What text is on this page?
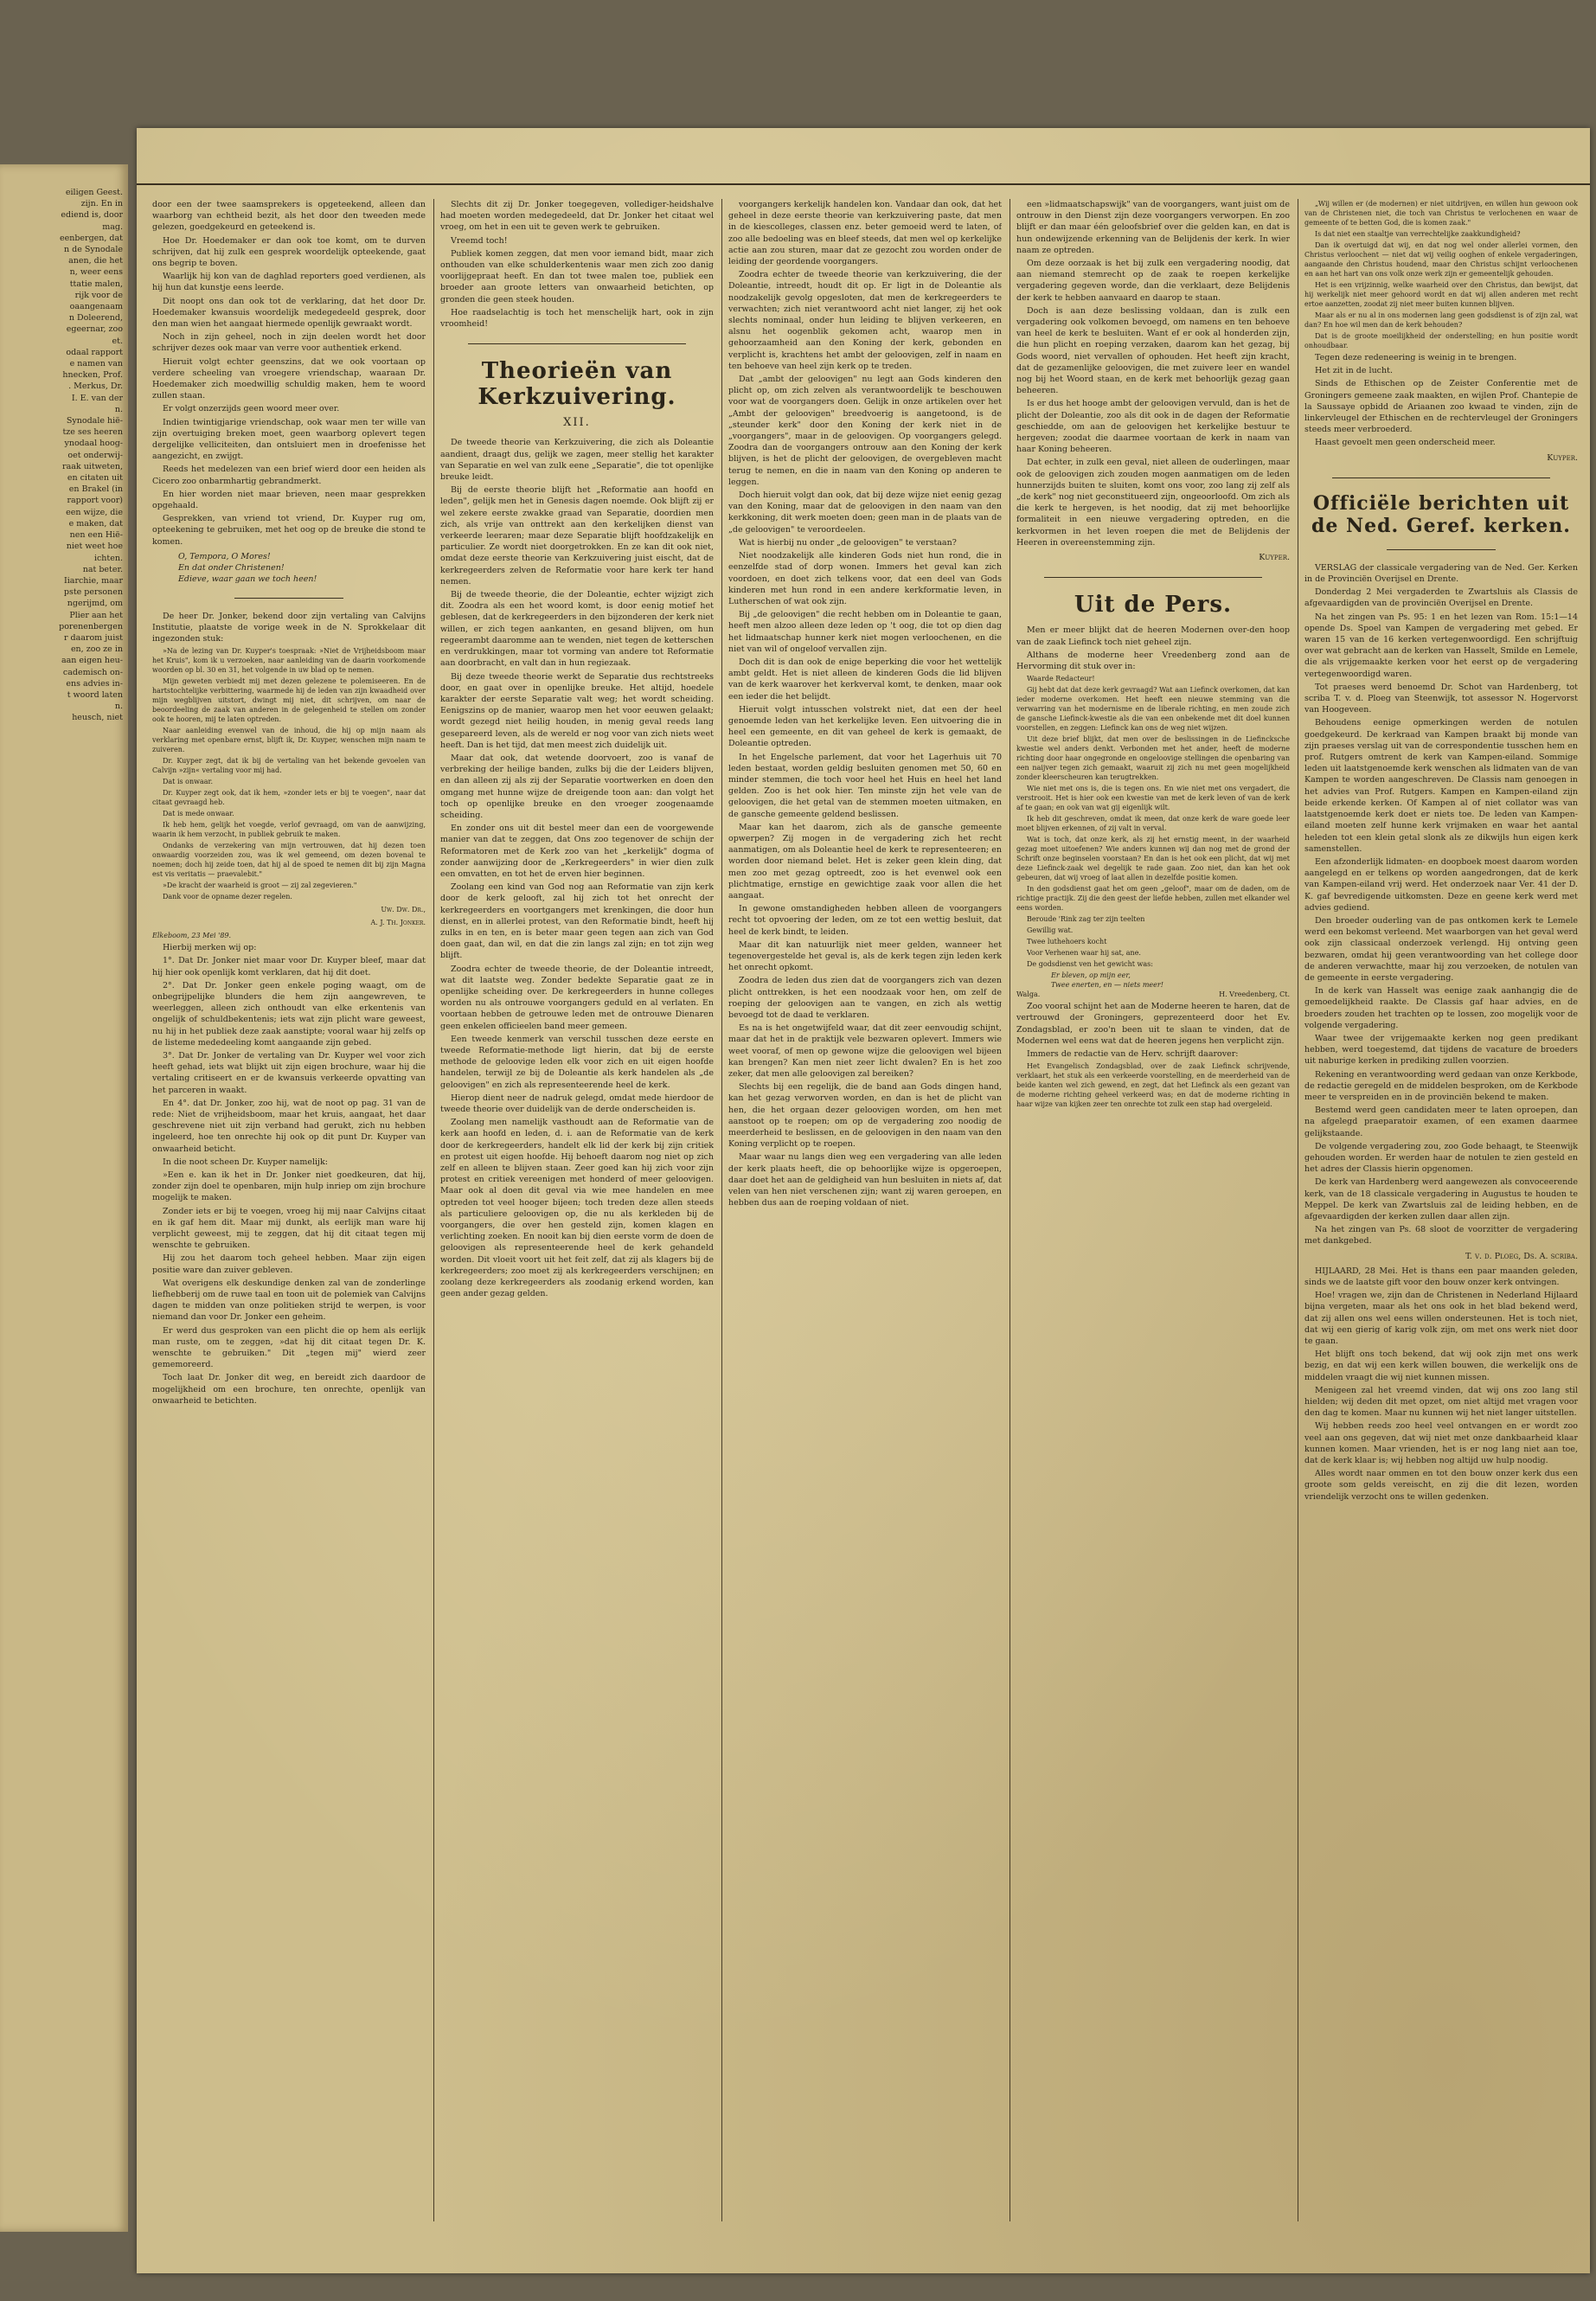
eiligen Geest.
zijn. En in
ediend is, door
mag.
eenbergen, dat
n de Synodale
anen, die het
n, weer eens
ttatie malen,
rijk voor de
oaangenaam
n Doleerend,
egeernar, zoo
et.
odaal rapport
e namen van
hnecken, Prof.
. Merkus, Dr.
I. E. van der
n.
Synodale hië-
tze ses heeren
ynodaal hoog-
oet onderwij-
raak uitweten,
en citaten uit
en Brakel (in
rapport voor)
een wijze, die
e maken, dat
nen een Hië-
niet weet hoe
ichten.
nat beter.
Iiarchie, maar
pste personen
ngerijmd, om
Plier aan het
porenenbergen
r daarom juist
en, zoo ze in
aan eigen heu-
cademisch on-
ens advies in-
t woord laten
n.
heusch, niet

door een der twee saamsprekers is opgeteekend, alleen dan waarborg van echtheid bezit, als het door den tweeden mede gelezen, goedgekeurd en geteekend is.

Hoe Dr. Hoedemaker er dan ook toe komt, om te durven schrijven, dat hij zulk een gesprek woordelijk opteekende, gaat ons begrip te boven.

Waarlijk hij kon van de daghlad reporters goed verdienen, als hij hun dat kunstje eens leerde.

Dit noopt ons dan ook tot de verklaring, dat het door Dr. Hoedemaker kwansuis woordelijk medegedeeld gesprek, door den man wien het aangaat hiermede openlijk gewraakt wordt.

Noch in zijn geheel, noch in zijn deelen wordt het door schrijver dezes ook maar van verre voor authentiek erkend.

Hieruit volgt echter geenszins, dat we ook voortaan op verdere scheeling van vroegere vriendschap, waaraan Dr. Hoedemaker zich moedwillig schuldig maken, hem te woord zullen staan.

Er volgt onzerzijds geen woord meer over.

Indien twintigjarige vriendschap, ook waar men ter wille van zijn overtuiging breken moet, geen waarborg oplevert tegen dergelijke velliciteiten, dan ontsluiert men in droefenisse het aangezicht, en zwijgt.

Reeds het medelezen van een brief wierd door een heiden als Cicero zoo onbarmhartig gebrandmerkt.

En hier worden niet maar brieven, neen maar gesprekken opgehaald.

Gesprekken, van vriend tot vriend, Dr. Kuyper rug om, opteekening te gebruiken, met het oog op de breuke die stond te komen.

O, Tempora, O Mores!
En dat onder Christenen!
Edieve, waar gaan we toch heen!

De heer Dr. Jonker, bekend door zijn vertaling van Calvijns Institutie, plaatste de vorige week in de N. Sprokkelaar dit ingezonden stuk:

»Na de lezing van Dr. Kuyper's toespraak: »Niet de Vrijheidsboom maar het Kruis", kom ik u verzoeken, naar aanleiding van de daarin voorkomende woorden op bl. 30 en 31, het volgende in uw blad op te nemen.

Mijn geweten verbiedt mij met dezen gelezene te polemiseeren. En de hartstochtelijke verbittering, waarmede hij de leden van zijn kwaadheid over mijn wegblijven uitstort, dwingt mij niet, dit schrijven, om naar de beoordeeling de zaak van anderen in de gelegenheid te stellen om zonder ook te hooren, mij te laten optreden.

Naar aanleiding evenwel van de inhoud, die hij op mijn naam als verklaring met openbare ernst, blijft ik, Dr. Kuyper, wenschen mijn naam te zuiveren.

Dr. Kuyper zegt, dat ik bij de vertaling van het bekende gevoelen van Calvijn »zijn« vertaling voor mij had.

Dat is onwaar.

Dr. Kuyper zegt ook, dat ik hem, »zonder iets er bij te voegen", naar dat citaat gevraagd heb.

Dat is mede onwaar.

Ik heb hem, gelijk het voegde, verlof gevraagd, om van de aanwijzing, waarin ik hem verzocht, in publiek gebruik te maken.

Ondanks de verzekering van mijn vertrouwen, dat hij dezen toen onwaardig voorzeiden zou, was ik wel gemeend, om dezen bovenal te noemen; doch hij zeide toen, dat hij al de spoed te nemen dit bij zijn Magna est vis veritatis — praevalebit."

»De kracht der waarheid is groot — zij zal zegevieren."

Dank voor de opname dezer regelen.

Uw. Dw. Dr.,

A. J. Th. Jonker.

Elkeboom, 23 Mei '89.

Hierbij merken wij op:

1°. Dat Dr. Jonker niet maar voor Dr. Kuyper bleef, maar dat hij hier ook openlijk komt verklaren, dat hij dit doet.

2°. Dat Dr. Jonker geen enkele poging waagt, om de onbegrijpelijke blunders die hem zijn aangewreven, te weerleggen, alleen zich onthoudt van elke erkentenis van ongelijk of schuldbekentenis; iets wat zijn plicht ware geweest, nu hij in het publiek deze zaak aanstipte; vooral waar hij zelfs op de listeme mededeeling komt aangaande zijn gebed.

3°. Dat Dr. Jonker de vertaling van Dr. Kuyper wel voor zich heeft gehad, iets wat blijkt uit zijn eigen brochure, waar hij die vertaling critiseert en er de kwansuis verkeerde opvatting van het parceren in waakt.

En 4°. dat Dr. Jonker, zoo hij, wat de noot op pag. 31 van de rede: Niet de vrijheidsboom, maar het kruis, aangaat, het daar geschrevene niet uit zijn verband had gerukt, zich nu hebben ingeleerd, hoe ten onrechte hij ook op dit punt Dr. Kuyper van onwaarheid beticht.

In die noot scheen Dr. Kuyper namelijk:

»Een e. kan ik het in Dr. Jonker niet goedkeuren, dat hij, zonder zijn doel te openbaren, mijn hulp inriep om zijn brochure mogelijk te maken.

Zonder iets er bij te voegen, vroeg hij mij naar Calvijns citaat en ik gaf hem dit. Maar mij dunkt, als eerlijk man ware hij verplicht geweest, mij te zeggen, dat hij dit citaat tegen mij wenschte te gebruiken.

Hij zou het daarom toch geheel hebben. Maar zijn eigen positie ware dan zuiver gebleven.

Wat overigens elk deskundige denken zal van de zonderlinge liefhebberij om de ruwe taal en toon uit de polemiek van Calvijns dagen te midden van onze politieken strijd te werpen, is voor niemand dan voor Dr. Jonker een geheim.

Er werd dus gesproken van een plicht die op hem als eerlijk man ruste, om te zeggen, »dat hij dit citaat tegen Dr. K. wenschte te gebruiken." Dit „tegen mij" wierd zeer gememoreerd.

Toch laat Dr. Jonker dit weg, en bereidt zich daardoor de mogelijkheid om een brochure, ten onrechte, openlijk van onwaarheid te betichten.

Slechts dit zij Dr. Jonker toegegeven, vollediger-heidshalve had moeten worden medegedeeld, dat Dr. Jonker het citaat wel vroeg, om het in een uit te geven werk te gebruiken.

Vreemd toch!

Publiek komen zeggen, dat men voor iemand bidt, maar zich onthouden van elke schulderkentenis waar men zich zoo danig voorlijgepraat heeft. En dan tot twee malen toe, publiek een broeder aan groote letters van onwaarheid betichten, op gronden die geen steek houden.

Hoe raadselachtig is toch het menschelijk hart, ook in zijn vroomheid!

Theorieën van Kerkzuivering.
XII.

De tweede theorie van Kerkzuivering, die zich als Doleantie aandient, draagt dus, gelijk we zagen, meer stellig het karakter van Separatie en wel van zulk eene „Separatie", die tot openlijke breuke leidt.

Bij de eerste theorie blijft het „Reformatie aan hoofd en leden", gelijk men het in Genesis dagen noemde. Ook blijft zij er wel zekere eerste zwakke graad van Separatie, doordien men zich, als vrije van onttrekt aan den kerkelijken dienst van verkeerde leeraren; maar deze Separatie blijft hoofdzakelijk en particulier. Ze wordt niet doorgetrokken. En ze kan dit ook niet, omdat deze eerste theorie van Kerkzuivering juist eischt, dat de kerkregeerders zelven de Reformatie voor hare kerk ter hand nemen.

Bij de tweede theorie, die der Doleantie, echter wijzigt zich dit. Zoodra als een het woord komt, is door eenig motief het geblesen, dat de kerkregeerders in den bijzonderen der kerk niet willen, er zich tegen aankanten, en gesand blijven, om hun regeerambt daaromme aan te wenden, niet tegen de ketterschen en verdrukkingen, maar tot vorming van andere tot Reformatie aan doorbracht, en valt dan in hun regiezaak.

Bij deze tweede theorie werkt de Separatie dus rechtstreeks door, en gaat over in openlijke breuke. Het altijd, hoedele karakter der eerste Separatie valt weg; het wordt scheiding. Eenigszins op de manier, waarop men het voor eeuwen gelaakt; wordt gezegd niet heilig houden, in menig geval reeds lang gesepareerd leven, als de wereld er nog voor van zich niets weet heeft. Dan is het tijd, dat men meest zich duidelijk uit.

Maar dat ook, dat wetende doorvoert, zoo is vanaf de verbreking der heilige banden, zulks bij die der Leiders blijven, en dan alleen zij als zij der Separatie voortwerken en doen den omgang met hunne wijze de dreigende toon aan: dan volgt het toch op openlijke breuke en den vroeger zoogenaamde scheiding.

En zonder ons uit dit bestel meer dan een de voorgewende manier van dat te zeggen, dat Ons zoo tegenover de schijn der Reformatoren met de Kerk zoo van het „kerkelijk" dogma of zonder aanwijzing door de „Kerkregeerders" in wier dien zulk een omvatten, en tot het de erven hier beginnen.

Zoolang een kind van God nog aan Reformatie van zijn kerk door de kerk gelooft, zal hij zich tot het onrecht der kerkregeerders en voortgangers met krenkingen, die door hun dienst, en in allerlei protest, van den Reformatie bindt, heeft hij zulks in en ten, en is beter maar geen tegen aan zich van God doen gaat, dan wil, en dat die zin langs zal zijn; en tot zijn weg blijft.

Zoodra echter de tweede theorie, de der Doleantie intreedt, wat dit laatste weg. Zonder bedekte Separatie gaat ze in openlijke scheiding over. De kerkregeerders in hunne colleges worden nu als ontrouwe voorgangers geduld en al verlaten. En voortaan hebben de getrouwe leden met de ontrouwe Dienaren geen enkelen officieelen band meer gemeen.

Een tweede kenmerk van verschil tusschen deze eerste en tweede Reformatie-methode ligt hierin, dat bij de eerste methode de geloovige leden elk voor zich en uit eigen hoofde handelen, terwijl ze bij de Doleantie als kerk handelen als „de geloovigen" en zich als representeerende heel de kerk.

Hierop dient neer de nadruk gelegd, omdat mede hierdoor de tweede theorie over duidelijk van de derde onderscheiden is.

Zoolang men namelijk vasthoudt aan de Reformatie van de kerk aan hoofd en leden, d. i. aan de Reformatie van de kerk door de kerkregeerders, handelt elk lid der kerk bij zijn critiek en protest uit eigen hoofde. Hij behoeft daarom nog niet op zich zelf en alleen te blijven staan. Zeer goed kan hij zich voor zijn protest en critiek vereenigen met honderd of meer geloovigen. Maar ook al doen dit geval via wie mee handelen en mee optreden tot veel hooger bijeen; toch treden deze allen steeds als particuliere geloovigen op, die nu als kerkleden bij de voorgangers, die over hen gesteld zijn, komen klagen en verlichting zoeken. En nooit kan bij dien eerste vorm de doen de geloovigen als representeerende heel de kerk gehandeld worden. Dit vloeit voort uit het feit zelf, dat zij als klagers bij de kerkregeerders; zoo moet zij als kerkregeerders verschijnen; en zoolang deze kerkregeerders als zoodanig erkend worden, kan geen ander gezag gelden.

voorgangers kerkelijk handelen kon. Vandaar dan ook, dat het geheel in deze eerste theorie van kerkzuivering paste, dat men in de kiescolleges, classen enz. beter gemoeid werd te laten, of zoo alle bedoeling was en bleef steeds, dat men wel op kerkelijke actie aan zou sturen, maar dat ze gezocht zou worden onder de leiding der geordende voorgangers.

Zoodra echter de tweede theorie van kerkzuivering, die der Doleantie, intreedt, houdt dit op. Er ligt in de Doleantie als noodzakelijk gevolg opgesloten, dat men de kerkregeerders te verwachten; zich niet verantwoord acht niet langer, zij het ook slechts nominaal, onder hun leiding te blijven verkeeren, en alsnu het oogenblik gekomen acht, waarop men in gehoorzaamheid aan den Koning der kerk, gebonden en verplicht is, krachtens het ambt der geloovigen, zelf in naam en ten behoeve van heel zijn kerk op te treden.

Dat „ambt der geloovigen" nu legt aan Gods kinderen den plicht op, om zich zelven als verantwoordelijk te beschouwen voor wat de voorgangers doen. Gelijk in onze artikelen over het „Ambt der geloovigen" breedvoerig is aangetoond, is de „steunder kerk" door den Koning der kerk niet in de „voorgangers", maar in de geloovigen. Op voorgangers gelegd. Zoodra dan de voorgangers ontrouw aan den Koning der kerk blijven, is het de plicht der geloovigen, de overgebleven macht terug te nemen, en die in naam van den Koning op anderen te leggen.

Doch hieruit volgt dan ook, dat bij deze wijze niet eenig gezag van den Koning, maar dat de geloovigen in den naam van den kerkkoning, dit werk moeten doen; geen man in de plaats van de „de geloovigen" te veroordeelen.

Wat is hierbij nu onder „de geloovigen" te verstaan?

Niet noodzakelijk alle kinderen Gods niet hun rond, die in eenzelfde stad of dorp wonen. Immers het geval kan zich voordoen, en doet zich telkens voor, dat een deel van Gods kinderen met hun rond in een andere kerkformatie leven, in Lutherschen of wat ook zijn.

Bij „de geloovigen" die recht hebben om in Doleantie te gaan, heeft men alzoo alleen deze leden op 't oog, die tot op dien dag het lidmaatschap hunner kerk niet mogen verloochenen, en die niet van wil of ongeloof vervallen zijn.

Doch dit is dan ook de enige beperking die voor het wettelijk ambt geldt. Het is niet alleen de kinderen Gods die lid blijven van de kerk waarover het kerkverval komt, te denken, maar ook een ieder die het belijdt.

Hieruit volgt intusschen volstrekt niet, dat een der heel genoemde leden van het kerkelijke leven. Een uitvoering die in heel een gemeente, en dit van geheel de kerk is gemaakt, de Doleantie optreden.

In het Engelsche parlement, dat voor het Lagerhuis uit 70 leden bestaat, worden geldig besluiten genomen met 50, 60 en minder stemmen, die toch voor heel het Huis en heel het land gelden. Zoo is het ook hier. Ten minste zijn het vele van de geloovigen, die het getal van de stemmen moeten uitmaken, en de gansche gemeente geldend beslissen.

Maar kan het daarom, zich als de gansche gemeente opwerpen? Zij mogen in de vergadering zich het recht aanmatigen, om als Doleantie heel de kerk te representeeren; en worden door niemand belet. Het is zeker geen klein ding, dat men zoo met gezag optreedt, zoo is het evenwel ook een plichtmatige, ernstige en gewichtige zaak voor allen die het aangaat.

In gewone omstandigheden hebben alleen de voorgangers recht tot opvoering der leden, om ze tot een wettig besluit, dat heel de kerk bindt, te leiden.

Maar dit kan natuurlijk niet meer gelden, wanneer het tegenovergestelde het geval is, als de kerk tegen zijn leden kerk het onrecht opkomt.

Zoodra de leden dus zien dat de voorgangers zich van dezen plicht onttrekken, is het een noodzaak voor hen, om zelf de roeping der geloovigen aan te vangen, en zich als wettig bevoegd tot de daad te verklaren.

Es na is het ongetwijfeld waar, dat dit zeer eenvoudig schijnt, maar dat het in de praktijk vele bezwaren oplevert. Immers wie weet vooraf, of men op gewone wijze die geloovigen wel bijeen kan brengen? Kan men niet zeer licht dwalen? En is het zoo zeker, dat men alle geloovigen zal bereiken?

Slechts bij een regelijk, die de band aan Gods dingen hand, kan het gezag verworven worden, en dan is het de plicht van hen, die het orgaan dezer geloovigen worden, om hen met aanstoot op te roepen; om op de vergadering zoo noodig de meerderheid te beslissen, en de geloovigen in den naam van den Koning verplicht op te roepen.

Maar waar nu langs dien weg een vergadering van alle leden der kerk plaats heeft, die op behoorlijke wijze is opgeroepen, daar doet het aan de geldigheid van hun besluiten in niets af, dat velen van hen niet verschenen zijn; want zij waren geroepen, en hebben dus aan de roeping voldaan of niet.

een »lidmaatschapswijk" van de voorgangers, want juist om de ontrouw in den Dienst zijn deze voorgangers verworpen. En zoo blijft er dan maar één geloofsbrief over die gelden kan, en dat is hun ondewijzende erkenning van de Belijdenis der kerk. In wier naam ze optreden.

Om deze oorzaak is het bij zulk een vergadering noodig, dat aan niemand stemrecht op de zaak te roepen kerkelijke vergadering gegeven worde, dan die verklaart, deze Belijdenis der kerk te hebben aanvaard en daarop te staan.

Doch is aan deze beslissing voldaan, dan is zulk een vergadering ook volkomen bevoegd, om namens en ten behoeve van heel de kerk te besluiten. Want ef er ook al honderden zijn, die hun plicht en roeping verzaken, daarom kan het gezag, bij Gods woord, niet vervallen of ophouden. Het heeft zijn kracht, dat de gezamenlijke geloovigen, die met zuivere leer en wandel nog bij het Woord staan, en de kerk met behoorlijk gezag gaan beheeren.

Is er dus het hooge ambt der geloovigen vervuld, dan is het de plicht der Doleantie, zoo als dit ook in de dagen der Reformatie geschiedde, om aan de geloovigen het kerkelijke bestuur te hergeven; zoodat die daarmee voortaan de kerk in naam van haar Koning beheeren.

Dat echter, in zulk een geval, niet alleen de ouderlingen, maar ook de geloovigen zich zouden mogen aanmatigen om de leden hunnerzijds buiten te sluiten, komt ons voor, zoo lang zij zelf als „de kerk" nog niet geconstitueerd zijn, ongeoorloofd. Om zich als die kerk te hergeven, is het noodig, dat zij met behoorlijke formaliteit in een nieuwe vergadering optreden, en die kerkvormen in het leven roepen die met de Belijdenis der Heeren in overeenstemming zijn.

Kuyper.

Uit de Pers.

Men er meer blijkt dat de heeren Modernen over-den hoop van de zaak Liefinck toch niet geheel zijn.

Althans de moderne heer Vreedenberg zond aan de Hervorming dit stuk over in:

Waarde Redacteur!

Gij hebt dat dat deze kerk gevraagd? Wat aan Liefinck overkomen, dat kan ieder moderne overkomen. Het heeft een nieuwe stemming van die verwarring van het modernisme en de liberale richting, en men zoude zich de gansche Liefinck-kwestie als die van een onbekende met dit doel kunnen voorstellen, en zeggen: Liefinck kan ons de weg niet wijzen.

Uit deze brief blijkt, dat men over de beslissingen in de Liefincksche kwestie wel anders denkt. Verbonden met het ander, heeft de moderne richting door haar ongegronde en ongeloovige stellingen die openbaring van een naijver tegen zich gemaakt, waaruit zij zich nu met geen mogelijkheid zonder kleerscheuren kan terugtrekken.

Wie niet met ons is, die is tegen ons. En wie niet met ons vergadert, die verstrooit. Het is hier ook een kwestie van met de kerk leven of van de kerk af te gaan; en ook van wat gij eigenlijk wilt.

Ik heb dit geschreven, omdat ik meen, dat onze kerk de ware goede leer moet blijven erkennen, of zij valt in verval.

Wat is toch, dat onze kerk, als zij het ernstig meent, in der waarheid gezag moet uitoefenen? Wie anders kunnen wij dan nog met de grond der Schrift onze beginselen voorstaan? En dan is het ook een plicht, dat wij met deze Liefinck-zaak wel degelijk te rade gaan. Zoo niet, dan kan het ook gebeuren, dat wij vroeg of laat allen in dezelfde positie komen.

In den godsdienst gaat het om geen „geloof", maar om de daden, om de richtige practijk. Zij die den geest der liefde hebben, zullen met elkander wel eens worden.

Beroude 'Rink zag ter zijn teelten

Gewillig wat.

Twee luthehoers kocht

Voor Verhenen waar hij sat, ane.

De godsdienst ven het gewicht was:

Er bleven, op mijn eer,
Twee enerten, en — niets meer!

Walga.	H. Vreedenberg, Ct.

Zoo vooral schijnt het aan de Moderne heeren te haren, dat de vertrouwd der Groningers, geprezenteerd door het Ev. Zondagsblad, er zoo'n been uit te slaan te vinden, dat de Modernen wel eens wat dat de heeren jegens hen verplicht zijn.

Immers de redactie van de Herv. schrijft daarover:

Het Evangelisch Zondagsblad, over de zaak Liefinck schrijvende, verklaart, het stuk als een verkeerde voorstelling, en de meerderheid van de beide kanten wel zich gewend, en zegt, dat het Liefinck als een gezant van de moderne richting geheel verkeerd was; en dat de moderne richting in haar wijze van kijken zeer ten onrechte tot zulk een stap had overgeleid.

„Wij willen er (de modernen) er niet uitdrijven, en willen hun gewoon ook van de Christenen niet, die toch van Christus te verlochenen en waar de gemeente of te betten God, die is komen zaak."

Is dat niet een staaltje van verrechtelijke zaakkundigheid?

Dan ik overtuigd dat wij, en dat nog wel onder allerlei vormen, den Christus verloochent — niet dat wij veilig ooghen of enkele vergaderingen, aangaande den Christus houdend, maar den Christus schijnt verloochenen en aan het hart van ons volk onze werk zijn er gemeentelijk gehouden.

Het is een vrijzinnig, welke waarheid over den Christus, dan bewijst, dat hij werkelijk niet meer gehoord wordt en dat wij allen anderen met recht ertoe aanzetten, zoodat zij niet meer buiten kunnen blijven.

Maar als er nu al in ons modernen lang geen godsdienst is of zijn zal, wat dan? En hoe wil men dan de kerk behouden?

Dat is de groote moeilijkheid der onderstelling; en hun positie wordt onhoudbaar.

Tegen deze redeneering is weinig in te brengen.

Het zit in de lucht.

Sinds de Ethischen op de Zeister Conferentie met de Groningers gemeene zaak maakten, en wijlen Prof. Chantepie de la Saussaye opbidd de Ariaanen zoo kwaad te vinden, zijn de linkervleugel der Ethischen en de rechtervleugel der Groningers steeds meer verbroederd.

Haast gevoelt men geen onderscheid meer.

Kuyper.

Officiële berichten uit de Ned. Geref. kerken.

VERSLAG der classicale vergadering van de Ned. Ger. Kerken in de Provinciën Overijsel en Drente.

Donderdag 2 Mei vergaderden te Zwartsluis als Classis de afgevaardigden van de provinciën Overijsel en Drente.

Na het zingen van Ps. 95: 1 en het lezen van Rom. 15:1—14 opende Ds. Spoel van Kampen de vergadering met gebed. Er waren 15 van de 16 kerken vertegenwoordigd. Een schrijftuig over wat gebracht aan de kerken van Hasselt, Smilde en Lemele, die als vrijgemaakte kerken voor het eerst op de vergadering vertegenwoordigd waren.

Tot praeses werd benoemd Dr. Schot van Hardenberg, tot scriba T. v. d. Ploeg van Steenwijk, tot assessor N. Hogervorst van Hoogeveen.

Behoudens eenige opmerkingen werden de notulen goedgekeurd. De kerkraad van Kampen braakt bij monde van zijn praeses verslag uit van de correspondentie tusschen hem en prof. Rutgers omtrent de kerk van Kampen-eiland. Sommige leden uit laatstgenoemde kerk wenschen als lidmaten van de van Kampen te worden aangeschreven. De Classis nam genoegen in het advies van Prof. Rutgers. Kampen en Kampen-eiland zijn beide erkende kerken. Of Kampen al of niet collator was van laatstgenoemde kerk doet er niets toe. De leden van Kampen-eiland moeten zelf hunne kerk vrijmaken en waar het aantal heleden tot een klein getal slonk als ze dikwijls hun eigen kerk samenstellen.

Een afzonderlijk lidmaten- en doopboek moest daarom worden aangelegd en er telkens op worden aangedrongen, dat de kerk van Kampen-eiland vrij werd. Het onderzoek naar Ver. 41 der D. K. gaf bevredigende uitkomsten. Deze en geene kerk werd met advies gediend.

Den broeder ouderling van de pas ontkomen kerk te Lemele werd een bekomst verleend. Met waarborgen van het geval werd ook zijn classicaal onderzoek verlengd. Hij ontving geen bezwaren, omdat hij geen verantwoording van het college door de anderen verwachtte, maar hij zou verzoeken, de notulen van de gemeente in eerste vergadering.

In de kerk van Hasselt was eenige zaak aanhangig die de gemoedelijkheid raakte. De Classis gaf haar advies, en de broeders zouden het trachten op te lossen, zoo mogelijk voor de volgende vergadering.

Waar twee der vrijgemaakte kerken nog geen predikant hebben, werd toegestemd, dat tijdens de vacature de broeders uit naburige kerken in prediking zullen voorzien.

Rekening en verantwoording werd gedaan van onze Kerkbode, de redactie geregeld en de middelen besproken, om de Kerkbode meer te verspreiden en in de provinciën bekend te maken.

Bestemd werd geen candidaten meer te laten oproepen, dan na afgelegd praeparatoir examen, of een examen daarmee gelijkstaande.

De volgende vergadering zou, zoo Gode behaagt, te Steenwijk gehouden worden. Er werden haar de notulen te zien gesteld en het adres der Classis hierin opgenomen.

De kerk van Hardenberg werd aangewezen als convoceerende kerk, van de 18 classicale vergadering in Augustus te houden te Meppel. De kerk van Zwartsluis zal de leiding hebben, en de afgevaardigden der kerken zullen daar allen zijn.

Na het zingen van Ps. 68 sloot de voorzitter de vergadering met dankgebed.

T. v. d. Ploeg, Ds. A. scriba.

HIJLAARD, 28 Mei. Het is thans een paar maanden geleden, sinds we de laatste gift voor den bouw onzer kerk ontvingen.

Hoe! vragen we, zijn dan de Christenen in Nederland Hijlaard bijna vergeten, maar als het ons ook in het blad bekend werd, dat zij allen ons wel eens willen ondersteunen. Het is toch niet, dat wij een gierig of karig volk zijn, om met ons werk niet door te gaan.

Het blijft ons toch bekend, dat wij ook zijn met ons werk bezig, en dat wij een kerk willen bouwen, die werkelijk ons de middelen vraagt die wij niet kunnen missen.

Menigeen zal het vreemd vinden, dat wij ons zoo lang stil hielden; wij deden dit met opzet, om niet altijd met vragen voor den dag te komen. Maar nu kunnen wij het niet langer uitstellen.

Wij hebben reeds zoo heel veel ontvangen en er wordt zoo veel aan ons gegeven, dat wij niet met onze dankbaarheid klaar kunnen komen. Maar vrienden, het is er nog lang niet aan toe, dat de kerk klaar is; wij hebben nog altijd uw hulp noodig.

Alles wordt naar ommen en tot den bouw onzer kerk dus een groote som gelds vereischt, en zij die dit lezen, worden vriendelijk verzocht ons te willen gedenken.
